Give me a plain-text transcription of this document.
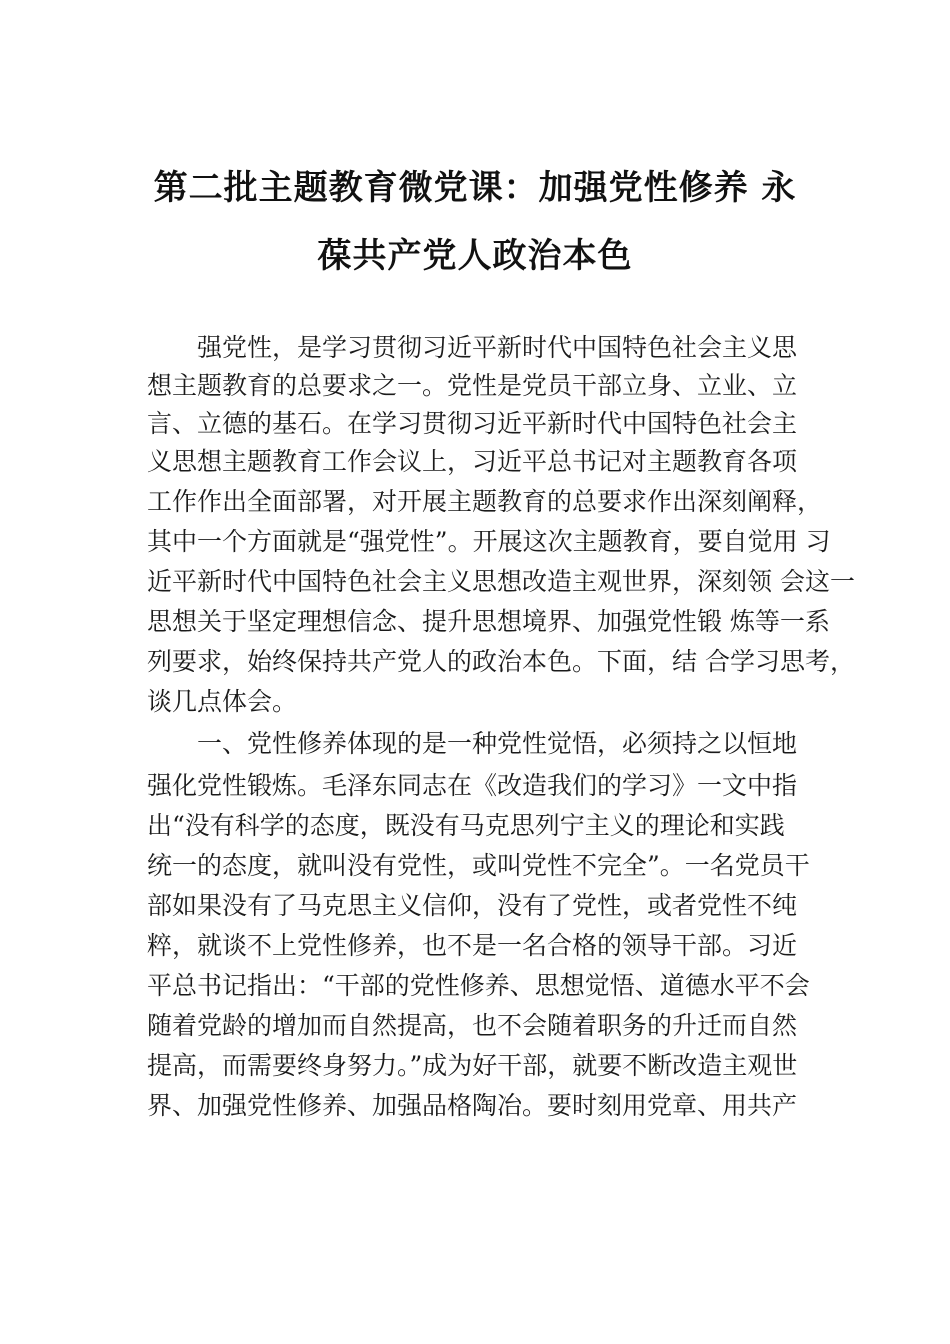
第二批主题教育微党课：加强党性修养 永
葆共产党人政治本色
强党性，是学习贯彻习近平新时代中国特色社会主义思
想主题教育的总要求之一。党性是党员干部立身、立业、立
言、立德的基石。在学习贯彻习近平新时代中国特色社会主
义思想主题教育工作会议上，习近平总书记对主题教育各项
工作作出全面部署，对开展主题教育的总要求作出深刻阐释，
其中一个方面就是“强党性”。开展这次主题教育，要自觉用 习
近平新时代中国特色社会主义思想改造主观世界，深刻领 会这一
思想关于坚定理想信念、提升思想境界、加强党性锻 炼等一系
列要求，始终保持共产党人的政治本色。下面，结 合学习思考，
谈几点体会。
一、党性修养体现的是一种党性觉悟，必须持之以恒地
强化党性锻炼。毛泽东同志在《改造我们的学习》一文中指
出“没有科学的态度，既没有马克思列宁主义的理论和实践
统一的态度，就叫没有党性，或叫党性不完全”。一名党员干
部如果没有了马克思主义信仰，没有了党性，或者党性不纯
粹，就谈不上党性修养，也不是一名合格的领导干部。习近
平总书记指出：“干部的党性修养、思想觉悟、道德水平不会
随着党龄的增加而自然提高，也不会随着职务的升迁而自然
提高，而需要终身努力。”成为好干部，就要不断改造主观世
界、加强党性修养、加强品格陶冶。要时刻用党章、用共产
